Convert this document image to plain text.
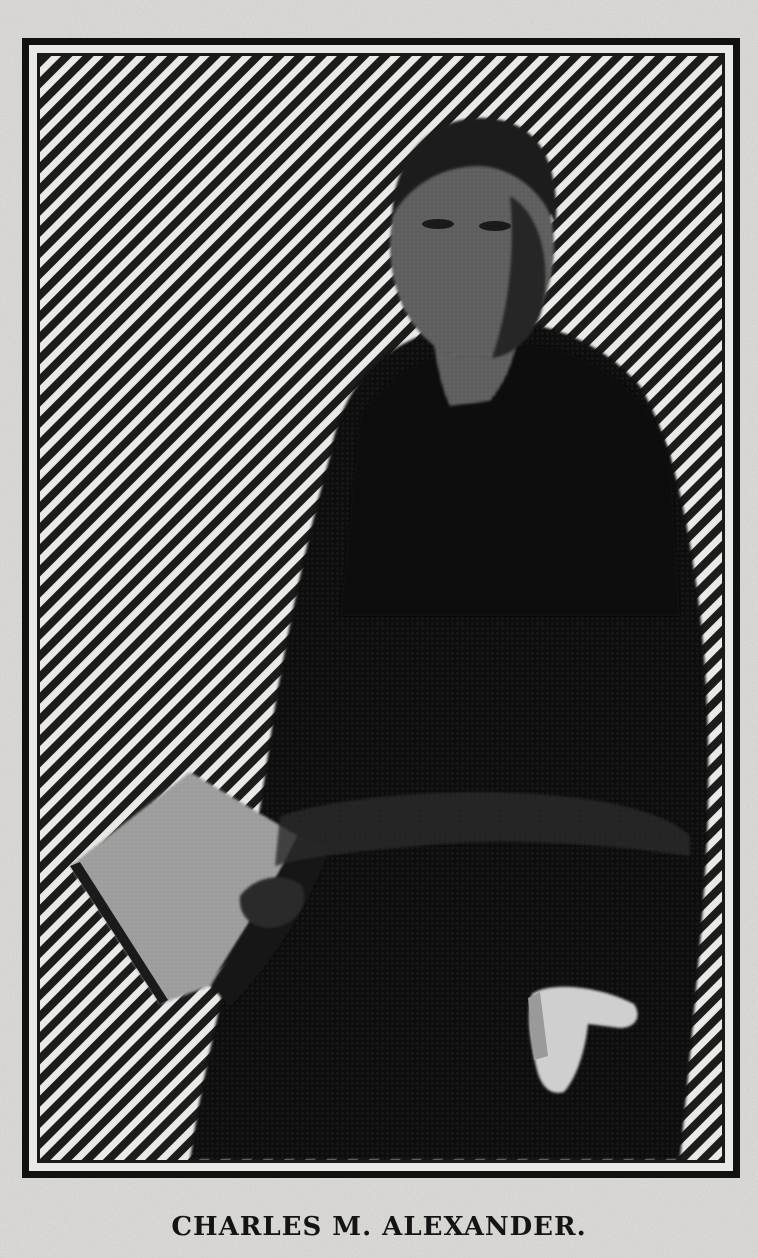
CHARLES M. ALEXANDER.
